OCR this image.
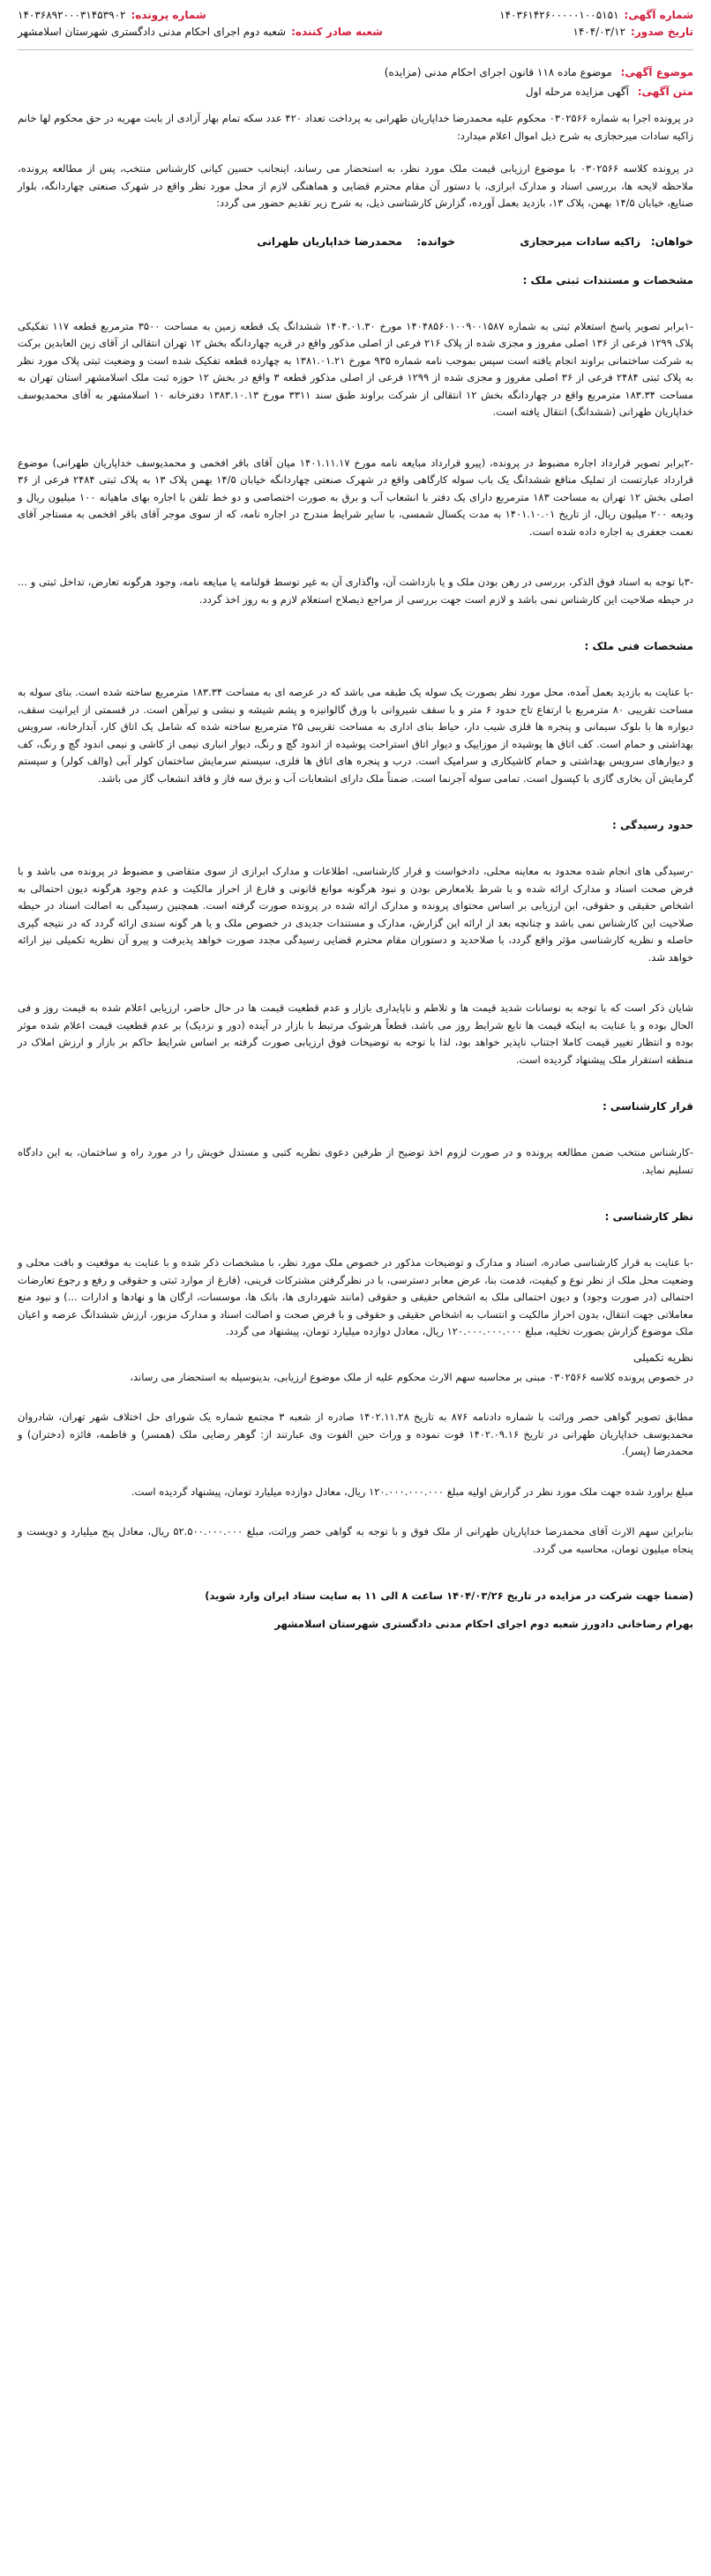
شماره آگهی:
۱۴۰۳۶۱۴۲۶۰۰۰۰۰۱۰۰۵۱۵۱
شماره پرونده:
۱۴۰۳۶۸۹۲۰۰۰۳۱۴۵۳۹۰۲
تاریخ صدور:
۱۴۰۴/۰۳/۱۲
شعبه صادر کننده:
شعبه دوم اجرای احکام مدنی دادگستری شهرستان اسلامشهر
موضوع آگهی: موضوع ماده ۱۱۸ قانون اجرای احکام مدنی (مزایده)
متن آگهی: آگهی مزایده مرحله اول

در پرونده اجرا به شماره ۰۳۰۲۵۶۶ محکوم علیه محمدرضا خداپاریان طهرانی به پرداخت تعداد ۴۲۰ عدد سکه تمام بهار آزادی از بابت مهریه در حق محکوم لها خانم زاکیه سادات میرحجازی به شرح ذیل اموال اعلام میدارد:

در پرونده کلاسه ۰۳۰۲۵۶۶ با موضوع ارزیابی قیمت ملک مورد نظر، به استحضار می رساند، اینجانب حسین کیانی کارشناس منتخب، پس از مطالعه پرونده، ملاحظه لایحه ها، بررسی اسناد و مدارک ابرازی، با دستور آن مقام محترم قضایی و هماهنگی لازم از محل مورد نظر واقع در شهرک صنعتی چهاردانگه، بلوار صنایع، خیابان ۱۴/۵ بهمن، پلاک ۱۳، بازدید بعمل آورده، گزارش کارشناسی ذیل، به شرح زیر تقدیم حضور می گردد:

خواهان:
زاکیه سادات میرحجازی
خوانده:
محمدرضا خداپاریان طهرانی
مشخصات و مستندات ثبتی ملک :

-۱برابر تصویر پاسخ استعلام ثبتی به شماره ۱۴۰۴۸۵۶۰۱۰۰۹۰۰۱۵۸۷ مورخ ۱۴۰۴.۰۱.۳۰ ششدانگ یک قطعه زمین به مساحت ۳۵۰۰ مترمربع قطعه ۱۱۷ تفکیکی پلاک ۱۲۹۹ فرعی از ۱۳۶ اصلی مفروز و مجزی شده از پلاک ۲۱۶ فرعی از اصلی مذکور واقع در قریه چهاردانگه بخش ۱۲ تهران انتقالی از آقای زین العابدین برکت به شرکت ساختمانی براوند انجام یافته است سپس بموجب نامه شماره ۹۳۵ مورخ ۱۳۸۱.۰۱.۲۱ به چهارده قطعه تفکیک شده است و وضعیت ثبتی پلاک مورد نظر به پلاک ثبتی ۲۴۸۴ فرعی از ۳۶ اصلی مفروز و مجزی شده از ۱۲۹۹ فرعی از اصلی مذکور قطعه ۳ واقع در بخش ۱۲ حوزه ثبت ملک اسلامشهر استان تهران به مساحت ۱۸۳.۳۴ مترمربع واقع در چهاردانگه بخش ۱۲ انتقالی از شرکت براوند طبق سند ۳۳۱۱ مورخ ۱۳۸۳.۱۰.۱۳ دفترخانه ۱۰ اسلامشهر به آقای محمدیوسف خداپاریان طهرانی (ششدانگ) انتقال یافته است.

-۲برابر تصویر قرارداد اجاره مضبوط در پرونده، (پیرو قرارداد مبایعه نامه مورخ ۱۴۰۱.۱۱.۱۷ میان آقای باقر افخمی و محمدیوسف خداپاریان طهرانی) موضوع قرارداد عبارتست از تملیک منافع ششدانگ یک باب سوله کارگاهی واقع در شهرک صنعتی چهاردانگه خیابان ۱۴/۵ بهمن پلاک ۱۳ به پلاک ثبتی ۲۴۸۴ فرعی از ۳۶ اصلی بخش ۱۲ تهران به مساحت ۱۸۳ مترمربع دارای یک دفتر با انشعاب آب و برق به صورت اختصاصی و دو خط تلفن با اجاره بهای ماهیانه ۱۰۰ میلیون ریال و ودیعه ۲۰۰ میلیون ریال، از تاریخ ۱۴۰۱.۱۰.۰۱ به مدت یکسال شمسی، با سایر شرایط مندرج در اجاره نامه، که از سوی موجر آقای باقر افخمی به مستاجر آقای نعمت جعفری به اجاره داده شده است.

-۳با توجه به اسناد فوق الذکر، بررسی در رهن بودن ملک و یا بازداشت آن، واگذاری آن به غیر توسط قولنامه یا مبایعه نامه، وجود هرگونه تعارض، تداخل ثبتی و ... در حیطه صلاحیت این کارشناس نمی باشد و لازم است جهت بررسی از مراجع ذیصلاح استعلام لازم و به روز اخذ گردد.

مشخصات فنی ملک :

-با عنایت به بازدید بعمل آمده، محل مورد نظر بصورت یک سوله یک طبقه می باشد که در عرصه ای به مساحت ۱۸۳.۳۴ مترمربع ساخته شده است. بنای سوله به مساحت تقریبی ۸۰ مترمربع با ارتفاع تاج حدود ۶ متر و با سقف شیروانی با ورق گالوانیزه و پشم شیشه و نبشی و تیرآهن است. در قسمتی از ایرانیت سقف، دیواره ها با بلوک سیمانی و پنجره ها فلزی شیب دار، حیاط بنای اداری به مساحت تقریبی ۲۵ مترمربع ساخته شده که شامل یک اتاق کار، آبدارخانه، سرویس بهداشتی و حمام است. کف اتاق ها پوشیده از موزاییک و دیوار اتاق استراحت پوشیده از اندود گچ و رنگ، دیوار انباری نیمی از کاشی و نیمی اندود گچ و رنگ، کف و دیوارهای سرویس بهداشتی و حمام کاشیکاری و سرامیک است. درب و پنجره های اتاق ها فلزی، سیستم سرمایش ساختمان کولر آبی (والف کولر) و سیستم گرمایش آن بخاری گازی با کپسول است. تمامی سوله آجرنما است. ضمناً ملک دارای انشعابات آب و برق سه فاز و فاقد انشعاب گاز می باشد.

حدود رسیدگی :

-رسیدگی های انجام شده محدود به معاینه محلی، دادخواست و قرار کارشناسی، اطلاعات و مدارک ابرازی از سوی متقاضی و مضبوط در پرونده می باشد و با فرض صحت اسناد و مدارک ارائه شده و با شرط بلامعارض بودن و نبود هرگونه موانع قانونی و فارغ از احراز مالکیت و عدم وجود هرگونه دیون احتمالی به اشخاص حقیقی و حقوقی، این ارزیابی بر اساس محتوای پرونده و مدارک ارائه شده در پرونده صورت گرفته است. همچنین رسیدگی به اصالت اسناد در حیطه صلاحیت این کارشناس نمی باشد و چنانچه بعد از ارائه این گزارش، مدارک و مستندات جدیدی در خصوص ملک و یا هر گونه سندی ارائه گردد که در نتیجه گیری حاصله و نظریه کارشناسی مؤثر واقع گردد، با صلاحدید و دستوران مقام محترم قضایی رسیدگی مجدد صورت خواهد پذیرفت و پیرو آن نظریه تکمیلی نیز ارائه خواهد شد.

شایان ذکر است که با توجه به نوسانات شدید قیمت ها و تلاطم و ناپایداری بازار و عدم قطعیت قیمت ها در حال حاضر، ارزیابی اعلام شده به قیمت روز و فی الحال بوده و با عنایت به اینکه قیمت ها تابع شرایط روز می باشد، قطعاً هرشوک مرتبط با بازار در آینده (دور و نزدیک) بر عدم قطعیت قیمت اعلام شده موثر بوده و انتظار تغییر قیمت کاملا اجتناب ناپذیر خواهد بود، لذا با توجه به توضیحات فوق ارزیابی صورت گرفته بر اساس شرایط حاکم بر بازار و ارزش املاک در منطقه استقرار ملک پیشنهاد گردیده است.

قرار کارشناسی :

-کارشناس منتخب ضمن مطالعه پرونده و در صورت لزوم اخذ توضیح از طرفین دعوی نظریه کتبی و مستدل خویش را در مورد راه و ساختمان، به این دادگاه تسلیم نماید.

نظر کارشناسی :

-با عنایت به قرار کارشناسی صادره، اسناد و مدارک و توضیحات مذکور در خصوص ملک مورد نظر، با مشخصات ذکر شده و با عنایت به موقعیت و بافت محلی و وضعیت محل ملک از نظر نوع و کیفیت، قدمت بنا، عرض معابر دسترسی، با در نظرگرفتن مشترکات قرینی، (فارغ از موارد ثبتی و حقوقی و رفع و رجوع تعارضات احتمالی (در صورت وجود) و دیون احتمالی ملک به اشخاص حقیقی و حقوقی (مانند شهرداری ها، بانک ها، موسسات، ارگان ها و نهادها و ادارات ...) و نبود منع معاملاتی جهت انتقال، بدون احراز مالکیت و انتساب به اشخاص حقیقی و حقوقی و با فرض صحت و اصالت اسناد و مدارک مزبور، ارزش ششدانگ عرصه و اعیان ملک موضوع گزارش بصورت تخلیه، مبلغ ۱۲۰.۰۰۰.۰۰۰.۰۰۰ ریال، معادل دوازده میلیارد تومان، پیشنهاد می گردد.

نظریه تکمیلی

در خصوص پرونده کلاسه ۰۳۰۲۵۶۶ مبنی بر محاسبه سهم الارث محکوم علیه از ملک موضوع ارزیابی، بدینوسیله به استحضار می رساند،

مطابق تصویر گواهی حصر وراثت با شماره دادنامه ۸۷۶ به تاریخ ۱۴۰۲.۱۱.۲۸ صادره از شعبه ۳ مجتمع شماره یک شورای حل اختلاف شهر تهران، شادروان محمدیوسف خداپاریان طهرانی در تاریخ ۱۴۰۲.۰۹.۱۶ فوت نموده و وراث حین الفوت وی عبارتند از: گوهر رضایی ملک (همسر) و فاطمه، فائزه (دختران) و محمدرضا (پسر).

مبلغ براورد شده جهت ملک مورد نظر در گزارش اولیه مبلغ ۱۲۰.۰۰۰.۰۰۰.۰۰۰ ریال، معادل دوازده میلیارد تومان، پیشنهاد گردیده است.

بنابراین سهم الارث آقای محمدرضا خداپاریان طهرانی از ملک فوق و با توجه به گواهی حصر وراثت، مبلغ ۵۲.۵۰۰.۰۰۰.۰۰۰ ریال، معادل پنج میلیارد و دویست و پنجاه میلیون تومان، محاسبه می گردد.

(ضمنا جهت شرکت در مزایده در تاریخ ۱۴۰۴/۰۳/۲۶ ساعت ۸ الی ۱۱ به سایت ستاد ایران وارد شوید)

بهرام رضاخانی دادورز شعبه دوم اجرای احکام مدنی دادگستری شهرستان اسلامشهر
